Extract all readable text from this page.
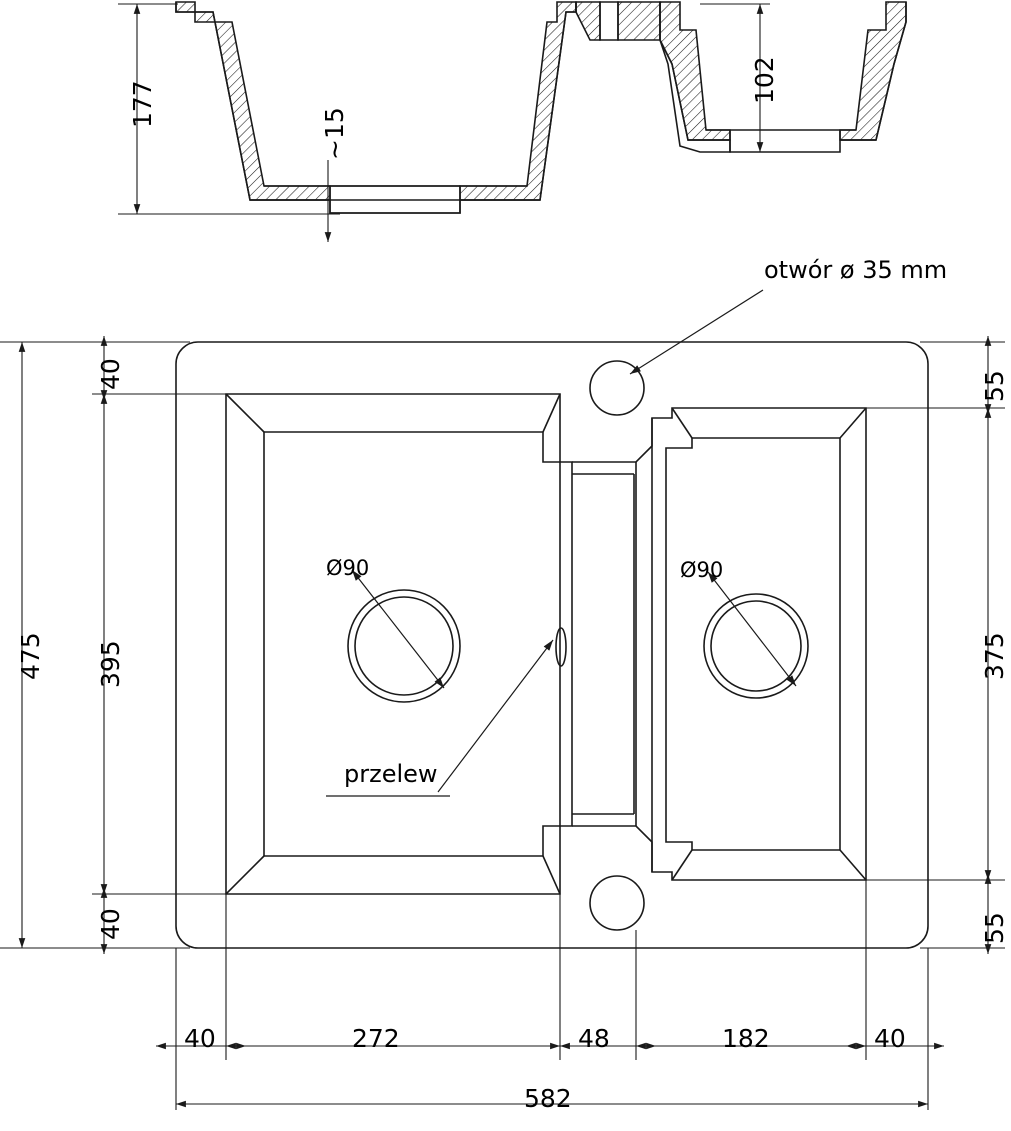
177
~15
102
otwór ø 35 mm
przelew
Ø90	Ø90
40
395
40
475
55
375
55
40	272	48	182	40
582
